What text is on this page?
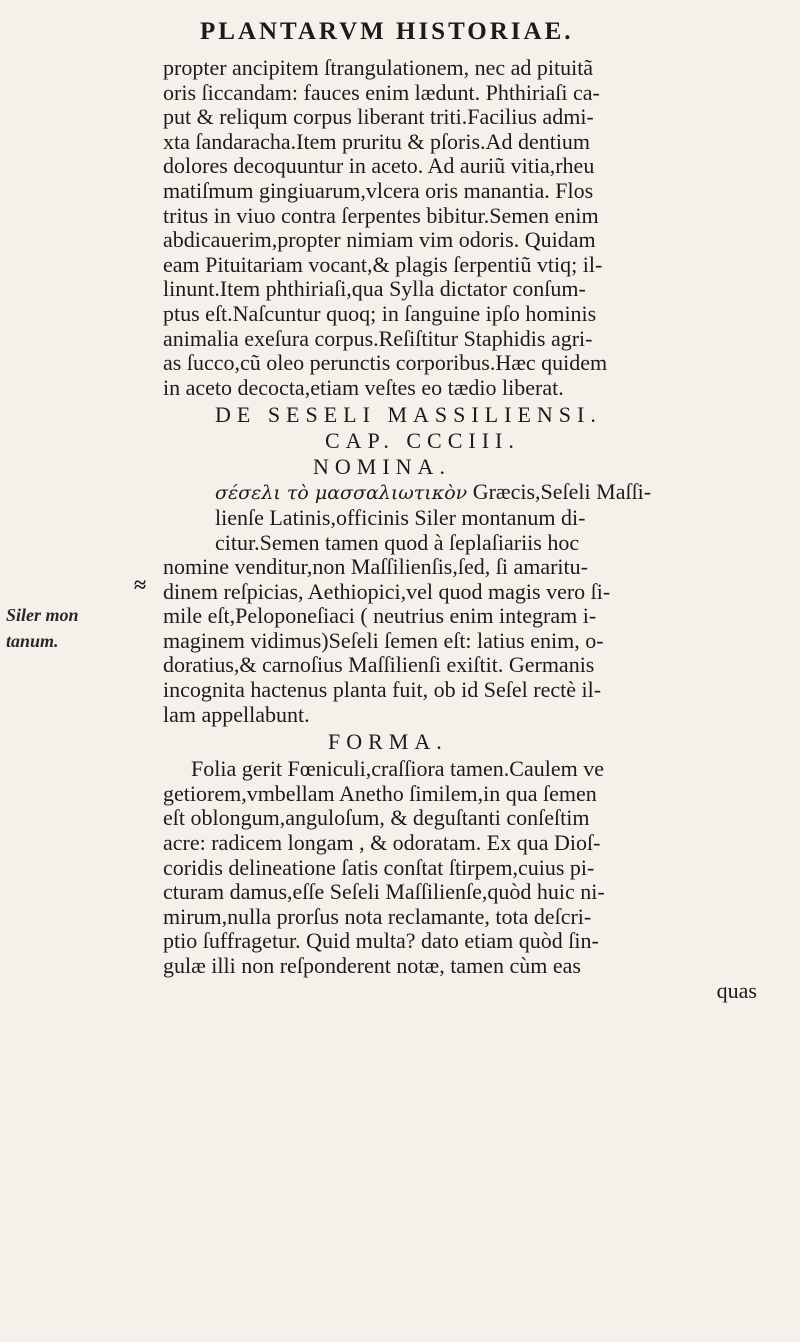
PLANTARVM HISTORIAE.
propter ancipitem ſtrangulationem, nec ad pituitã
oris ſiccandam: fauces enim lædunt. Phthiriaſi ca-
put & reliqum corpus liberant triti.Facilius admi-
xta ſandaracha.Item pruritu & pſoris.Ad dentium
dolores decoquuntur in aceto. Ad auriũ vitia,rheu
matiſmum gingiuarum,vlcera oris manantia. Flos
tritus in viuo contra ſerpentes bibitur.Semen enim
abdicauerim,propter nimiam vim odoris. Quidam
eam Pituitariam vocant,& plagis ſerpentiũ vtiq; il-
linunt.Item phthiriaſi,qua Sylla dictator conſum-
ptus eſt.Naſcuntur quoq; in ſanguine ipſo hominis
animalia exeſura corpus.Reſiſtitur Staphidis agri-
as ſucco,cũ oleo perunctis corporibus.Hæc quidem
in aceto decocta,etiam veſtes eo tædio liberat.
DE SESELI MASSILIENSI.
CAP. CCCIII.
NOMINA.
σέσελι τὸ μασσαλιωτικὸν Græcis,Seſeli Maſſi-
lienſe Latinis,officinis Siler montanum di-
citur.Semen tamen quod à ſeplaſiariis hoc
nomine venditur,non Maſſilienſis,ſed, ſi amaritu-
dinem reſpicias, Aethiopici,vel quod magis vero ſi-
mile eſt,Peloponeſiaci ( neutrius enim integram i-
maginem vidimus)Seſeli ſemen eſt: latius enim, o-
doratius,& carnoſius Maſſilienſi exiſtit. Germanis
incognita hactenus planta fuit, ob id Seſel rectè il-
lam appellabunt.
FORMA.
Folia gerit Fœniculi,craſſiora tamen.Caulem ve
getiorem,vmbellam Anetho ſimilem,in qua ſemen
eſt oblongum,anguloſum, & deguſtanti conſeſtim
acre: radicem longam , & odoratam. Ex qua Dioſ-
coridis delineatione ſatis conſtat ſtirpem,cuius pi-
cturam damus,eſſe Seſeli Maſſilienſe,quòd huic ni-
mirum,nulla prorſus nota reclamante, tota deſcri-
ptio ſuffragetur. Quid multa? dato etiam quòd ſin-
gulæ illi non reſponderent notæ, tamen cùm eas
quas
≈
Siler mon
tanum.
